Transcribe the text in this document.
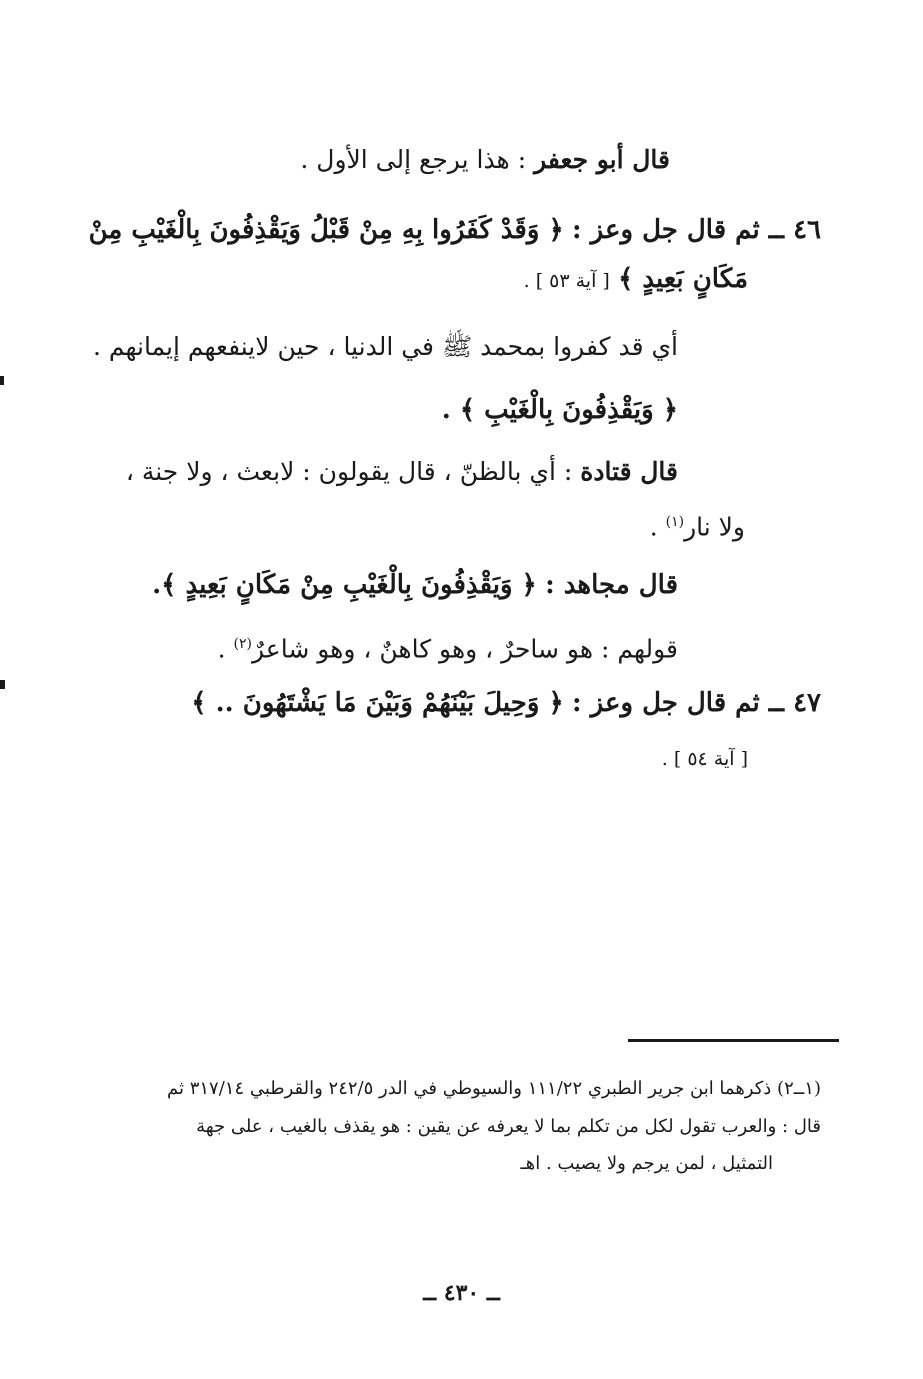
قال أبو جعفر : هذا يرجع إلى الأول .
٤٦ ــ ثم قال جل وعز : ﴿ وَقَدْ كَفَرُوا بِهِ مِنْ قَبْلُ وَيَقْذِفُونَ بِالْغَيْبِ مِنْ
مَكَانٍ بَعِيدٍ ﴾ [ آية ٥٣ ] .
أي قد كفروا بمحمد ﷺ في الدنيا ، حين لاينفعهم إيمانهم .
﴿ وَيَقْذِفُونَ بِالْغَيْبِ ﴾ .
قال قتادة : أي بالظنّ ، قال يقولون : لابعث ، ولا جنة ،
ولا نار$^{(١)}$ .
قال مجاهد : ﴿ وَيَقْذِفُونَ بِالْغَيْبِ مِنْ مَكَانٍ بَعِيدٍ ﴾.
قولهم : هو ساحرٌ ، وهو كاهنٌ ، وهو شاعرٌ$^{(٢)}$ .
٤٧ ــ ثم قال جل وعز : ﴿ وَحِيلَ بَيْنَهُمْ وَبَيْنَ مَا يَشْتَهُونَ .. ﴾
[ آية ٥٤ ] .
(١ــ٢) ذكرهما ابن جرير الطبري ١١١/٢٢ والسيوطي في الدر ٢٤٢/٥ والقرطبي ٣١٧/١٤ ثم
قال : والعرب تقول لكل من تكلم بما لا يعرفه عن يقين : هو يقذف بالغيب ، على جهة
التمثيل ، لمن يرجم ولا يصيب . اهـ
ــ ٤٣٠ ــ
